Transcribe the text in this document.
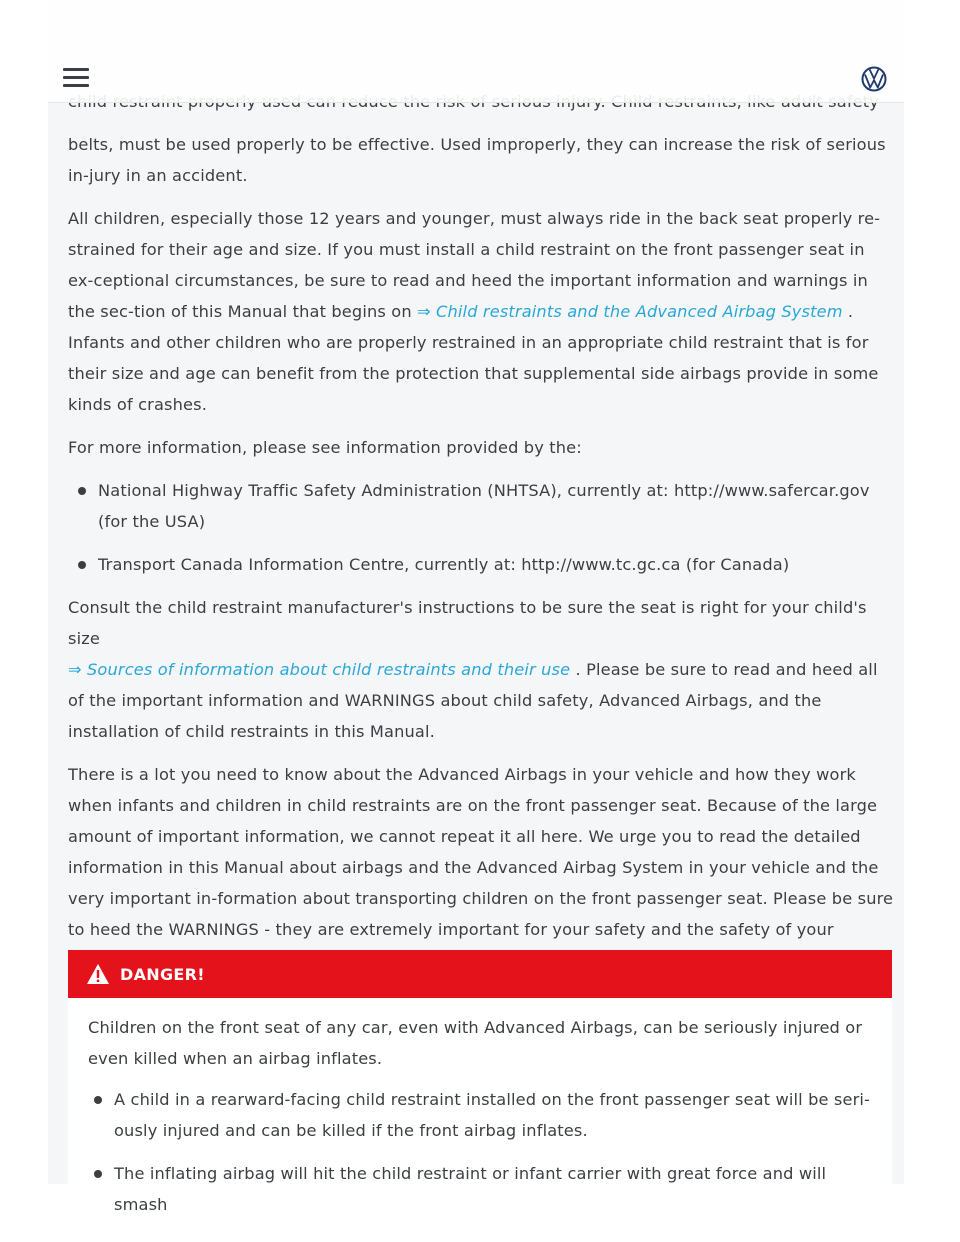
belts, must be used properly to be effective. Used improperly, they can increase the risk of serious in-jury in an accident.

All children, especially those 12 years and younger, must always ride in the back seat properly re-strained for their age and size. If you must install a child restraint on the front passenger seat in ex-ceptional circumstances, be sure to read and heed the important information and warnings in the sec-tion of this Manual that begins on ⇒ Child restraints and the Advanced Airbag System . Infants and other children who are properly restrained in an appropriate child restraint that is for their size and age can benefit from the protection that supplemental side airbags provide in some kinds of crashes.

For more information, please see information provided by the:

National Highway Traffic Safety Administration (NHTSA), currently at: http://www.safercar.gov (for the USA)
Transport Canada Information Centre, currently at: http://www.tc.gc.ca (for Canada)

Consult the child restraint manufacturer's instructions to be sure the seat is right for your child's size
⇒ Sources of information about child restraints and their use . Please be sure to read and heed all of the important information and WARNINGS about child safety, Advanced Airbags, and the installation of child restraints in this Manual.

There is a lot you need to know about the Advanced Airbags in your vehicle and how they work when infants and children in child restraints are on the front passenger seat. Because of the large amount of important information, we cannot repeat it all here. We urge you to read the detailed information in this Manual about airbags and the Advanced Airbag System in your vehicle and the very important in-formation about transporting children on the front passenger seat. Please be sure to heed the WARNINGS - they are extremely important for your safety and the safety of your

DANGER!

Children on the front seat of any car, even with Advanced Airbags, can be seriously injured or even killed when an airbag inflates.

A child in a rearward-facing child restraint installed on the front passenger seat will be seri-ously injured and can be killed if the front airbag inflates.
The inflating airbag will hit the child restraint or infant carrier with great force and will smash
